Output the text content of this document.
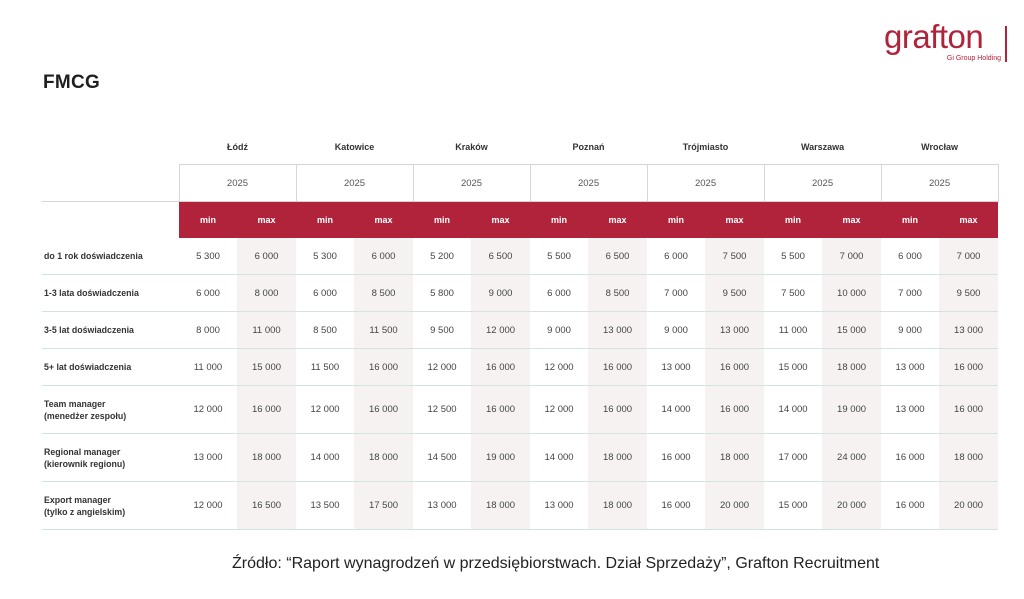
FMCG
grafton
Gi Group Holding
	Łódź		Katowice		Kraków		Poznań		Trójmiasto		Warszawa		Wrocław	
	2025		2025		2025		2025		2025		2025		2025	
	min	max	min	max	min	max	min	max	min	max	min	max	min	max

do 1 rok doświadczenia	5 300	6 000	5 300	6 000	5 200	6 500	5 500	6 500	6 000	7 500	5 500	7 000	6 000	7 000

1-3 lata doświadczenia	6 000	8 000	6 000	8 500	5 800	9 000	6 000	8 500	7 000	9 500	7 500	10 000	7 000	9 500

3-5 lat doświadczenia	8 000	11 000	8 500	11 500	9 500	12 000	9 000	13 000	9 000	13 000	11 000	15 000	9 000	13 000

5+ lat doświadczenia	11 000	15 000	11 500	16 000	12 000	16 000	12 000	16 000	13 000	16 000	15 000	18 000	13 000	16 000

Team manager
(menedżer zespołu)	12 000	16 000	12 000	16 000	12 500	16 000	12 000	16 000	14 000	16 000	14 000	19 000	13 000	16 000

Regional manager
(kierownik regionu)	13 000	18 000	14 000	18 000	14 500	19 000	14 000	18 000	16 000	18 000	17 000	24 000	16 000	18 000

Export manager
(tylko z angielskim)	12 000	16 500	13 500	17 500	13 000	18 000	13 000	18 000	16 000	20 000	15 000	20 000	16 000	20 000
Źródło: “Raport wynagrodzeń w przedsiębiorstwach. Dział Sprzedaży”, Grafton Recruitment
